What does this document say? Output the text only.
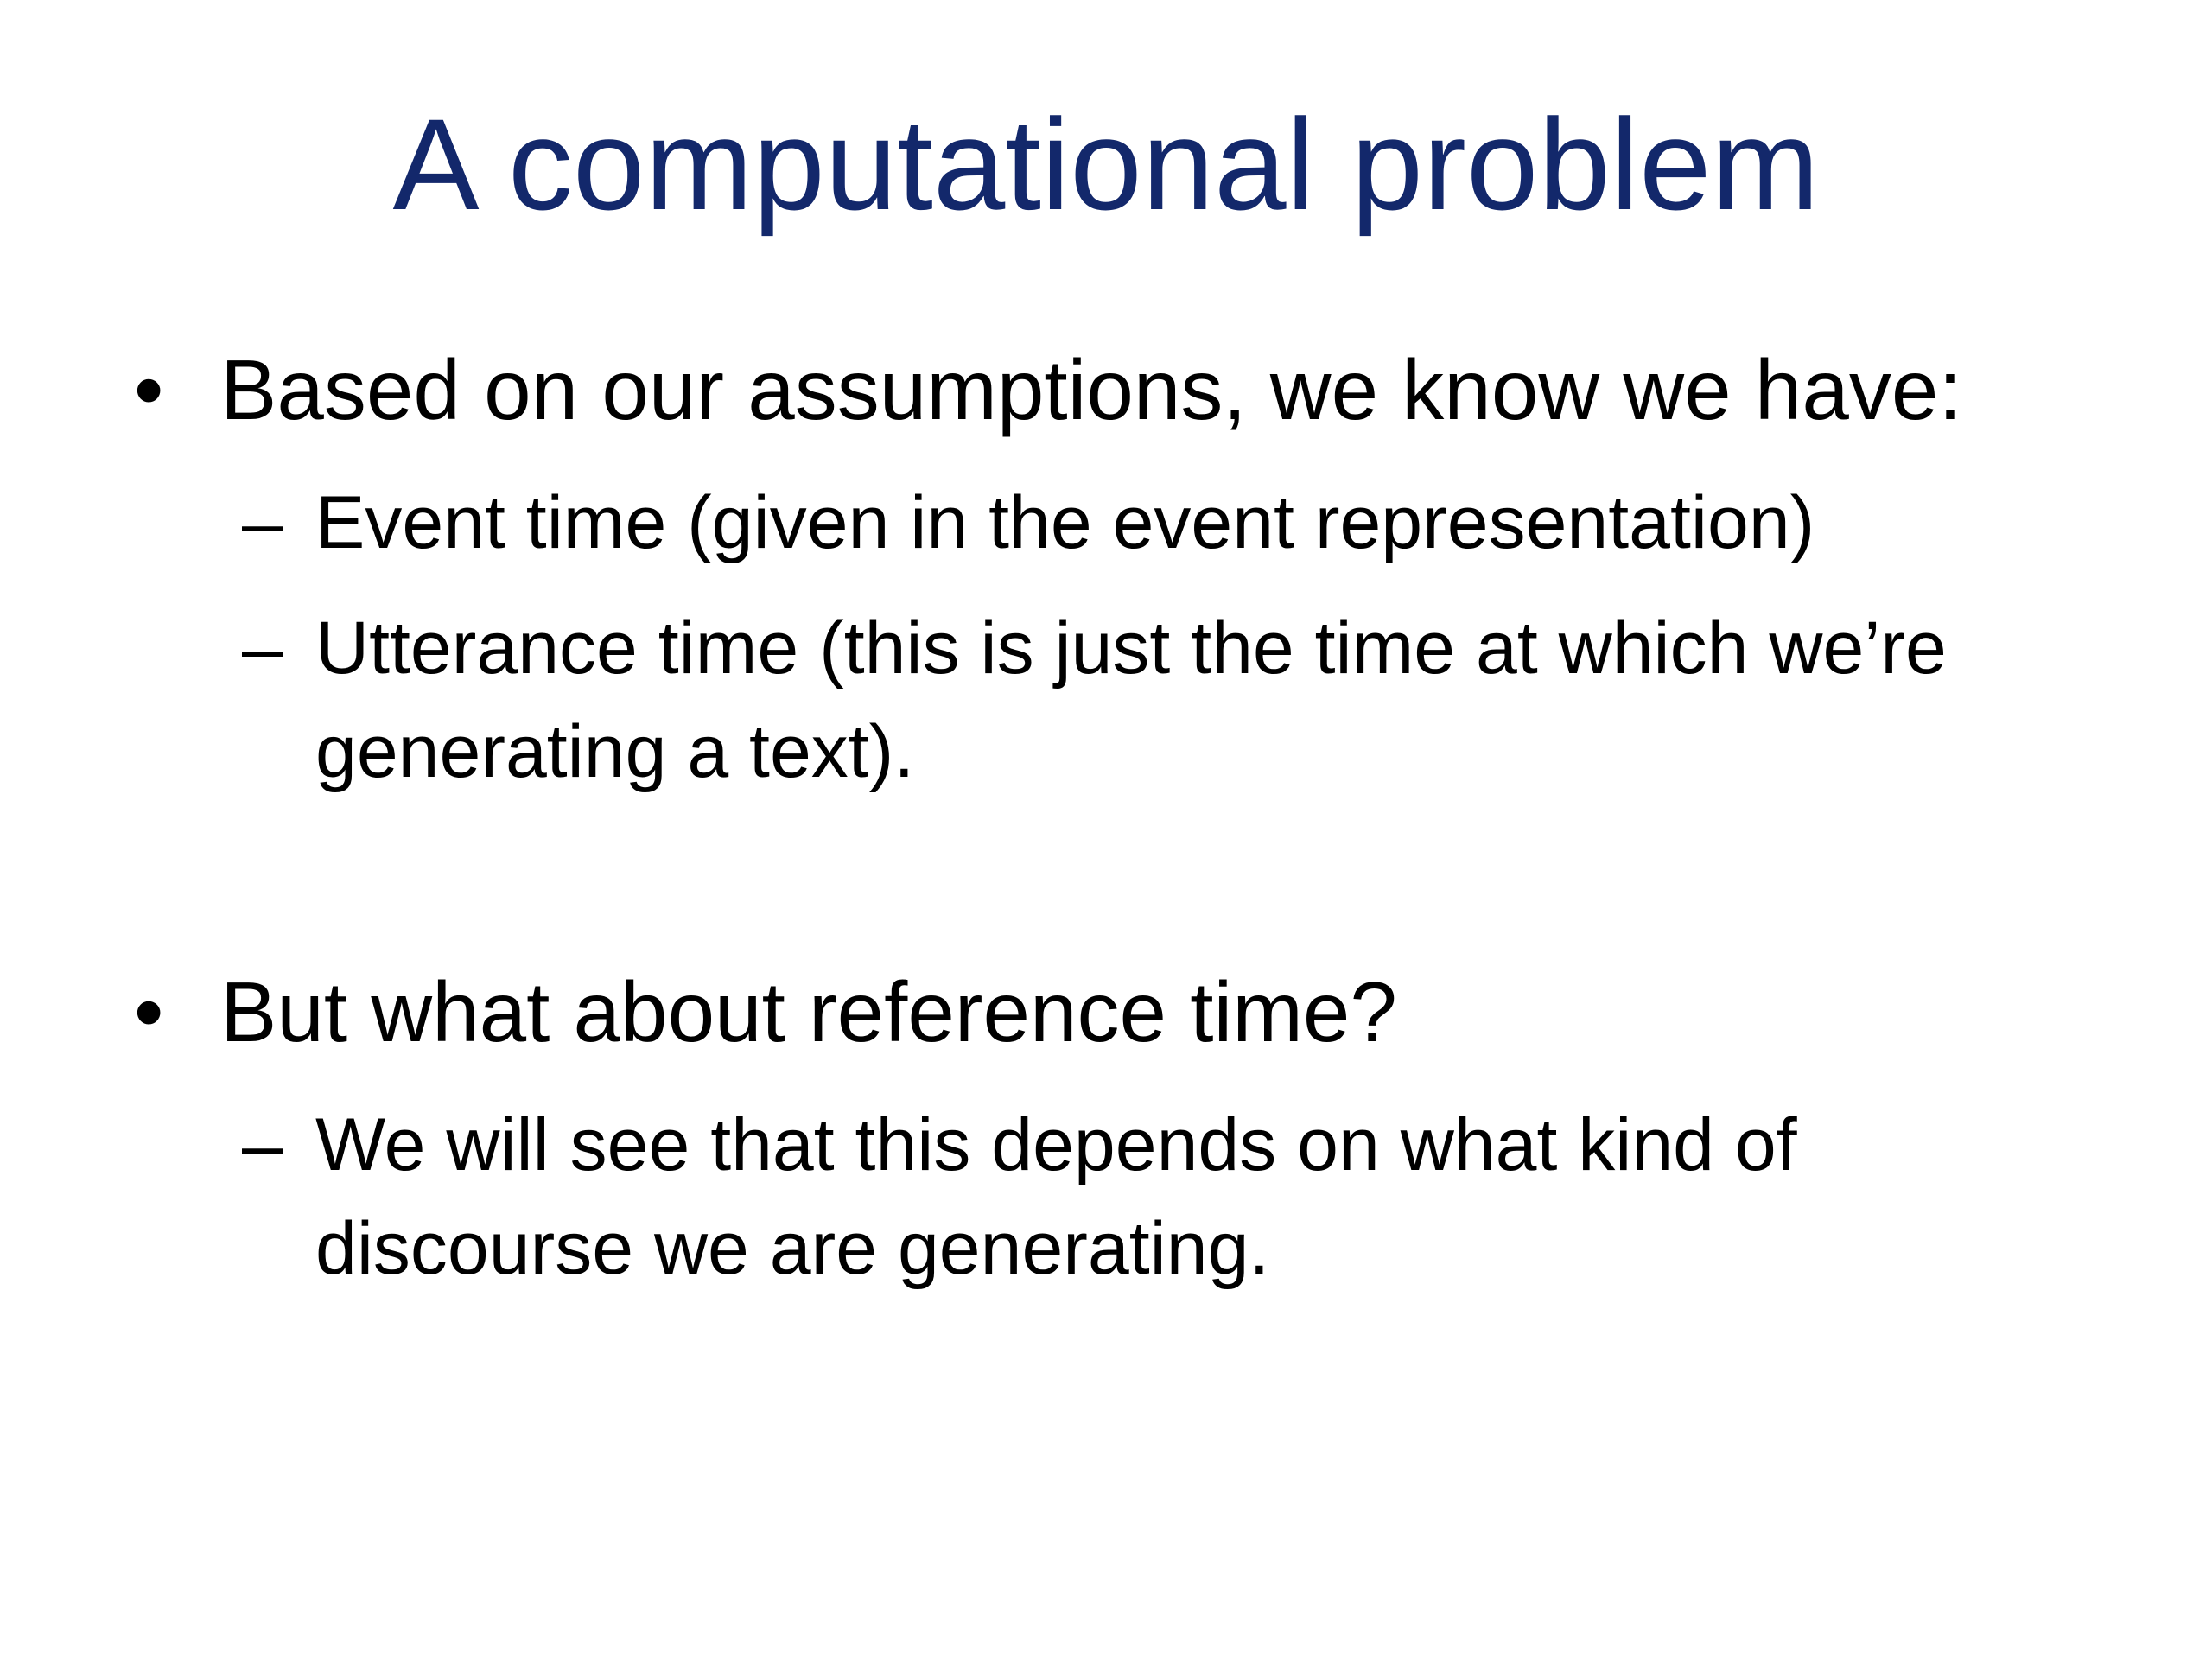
A computational problem
• Based on our assumptions, we know we have:
– Event time (given in the event representation)
– Utterance time (this is just the time at which we’re
generating a text).
• But what about reference time?
– We will see that this depends on what kind of
discourse we are generating.
